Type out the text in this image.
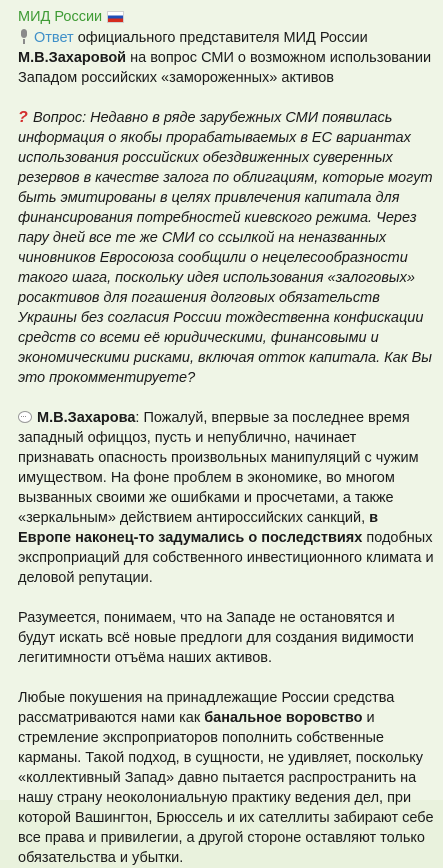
МИД России

Ответ официального представителя МИД России М.В.Захаровой на вопрос СМИ о возможном использовании Западом российских «замороженных» активов

? Вопрос: Недавно в ряде зарубежных СМИ появилась информация о якобы прорабатываемых в ЕС вариантах использования российских обездвиженных суверенных резервов в качестве залога по облигациям, которые могут быть эмитированы в целях привлечения капитала для финансирования потребностей киевского режима. Через пару дней все те же СМИ со ссылкой на неназванных чиновников Евросоюза сообщили о нецелесообразности такого шага, поскольку идея использования «залоговых» росактивов для погашения долговых обязательств Украины без согласия России тождественна конфискации средств со всеми её юридическими, финансовыми и экономическими рисками, включая отток капитала. Как Вы это прокомментируете?

···М.В.Захарова: Пожалуй, впервые за последнее время западный офиццоз, пусть и непублично, начинает признавать опасность произвольных манипуляций с чужим имуществом. На фоне проблем в экономике, во многом вызванных своими же ошибками и просчетами, а также «зеркальным» действием антироссийских санкций, в Европе наконец-то задумались о последствиях подобных экспроприаций для собственного инвестиционного климата и деловой репутации.

Разумеется, понимаем, что на Западе не остановятся и будут искать всё новые предлоги для создания видимости легитимности отъёма наших активов.

Любые покушения на принадлежащие России средства рассматриваются нами как банальное воровство и стремление экспроприаторов пополнить собственные карманы. Такой подход, в сущности, не удивляет, поскольку «коллективный Запад» давно пытается распространить на нашу страну неоколониальную практику ведения дел, при которой Вашингтон, Брюссель и их сателлиты забирают себе все права и привилегии, а другой стороне оставляют только обязательства и убытки.
